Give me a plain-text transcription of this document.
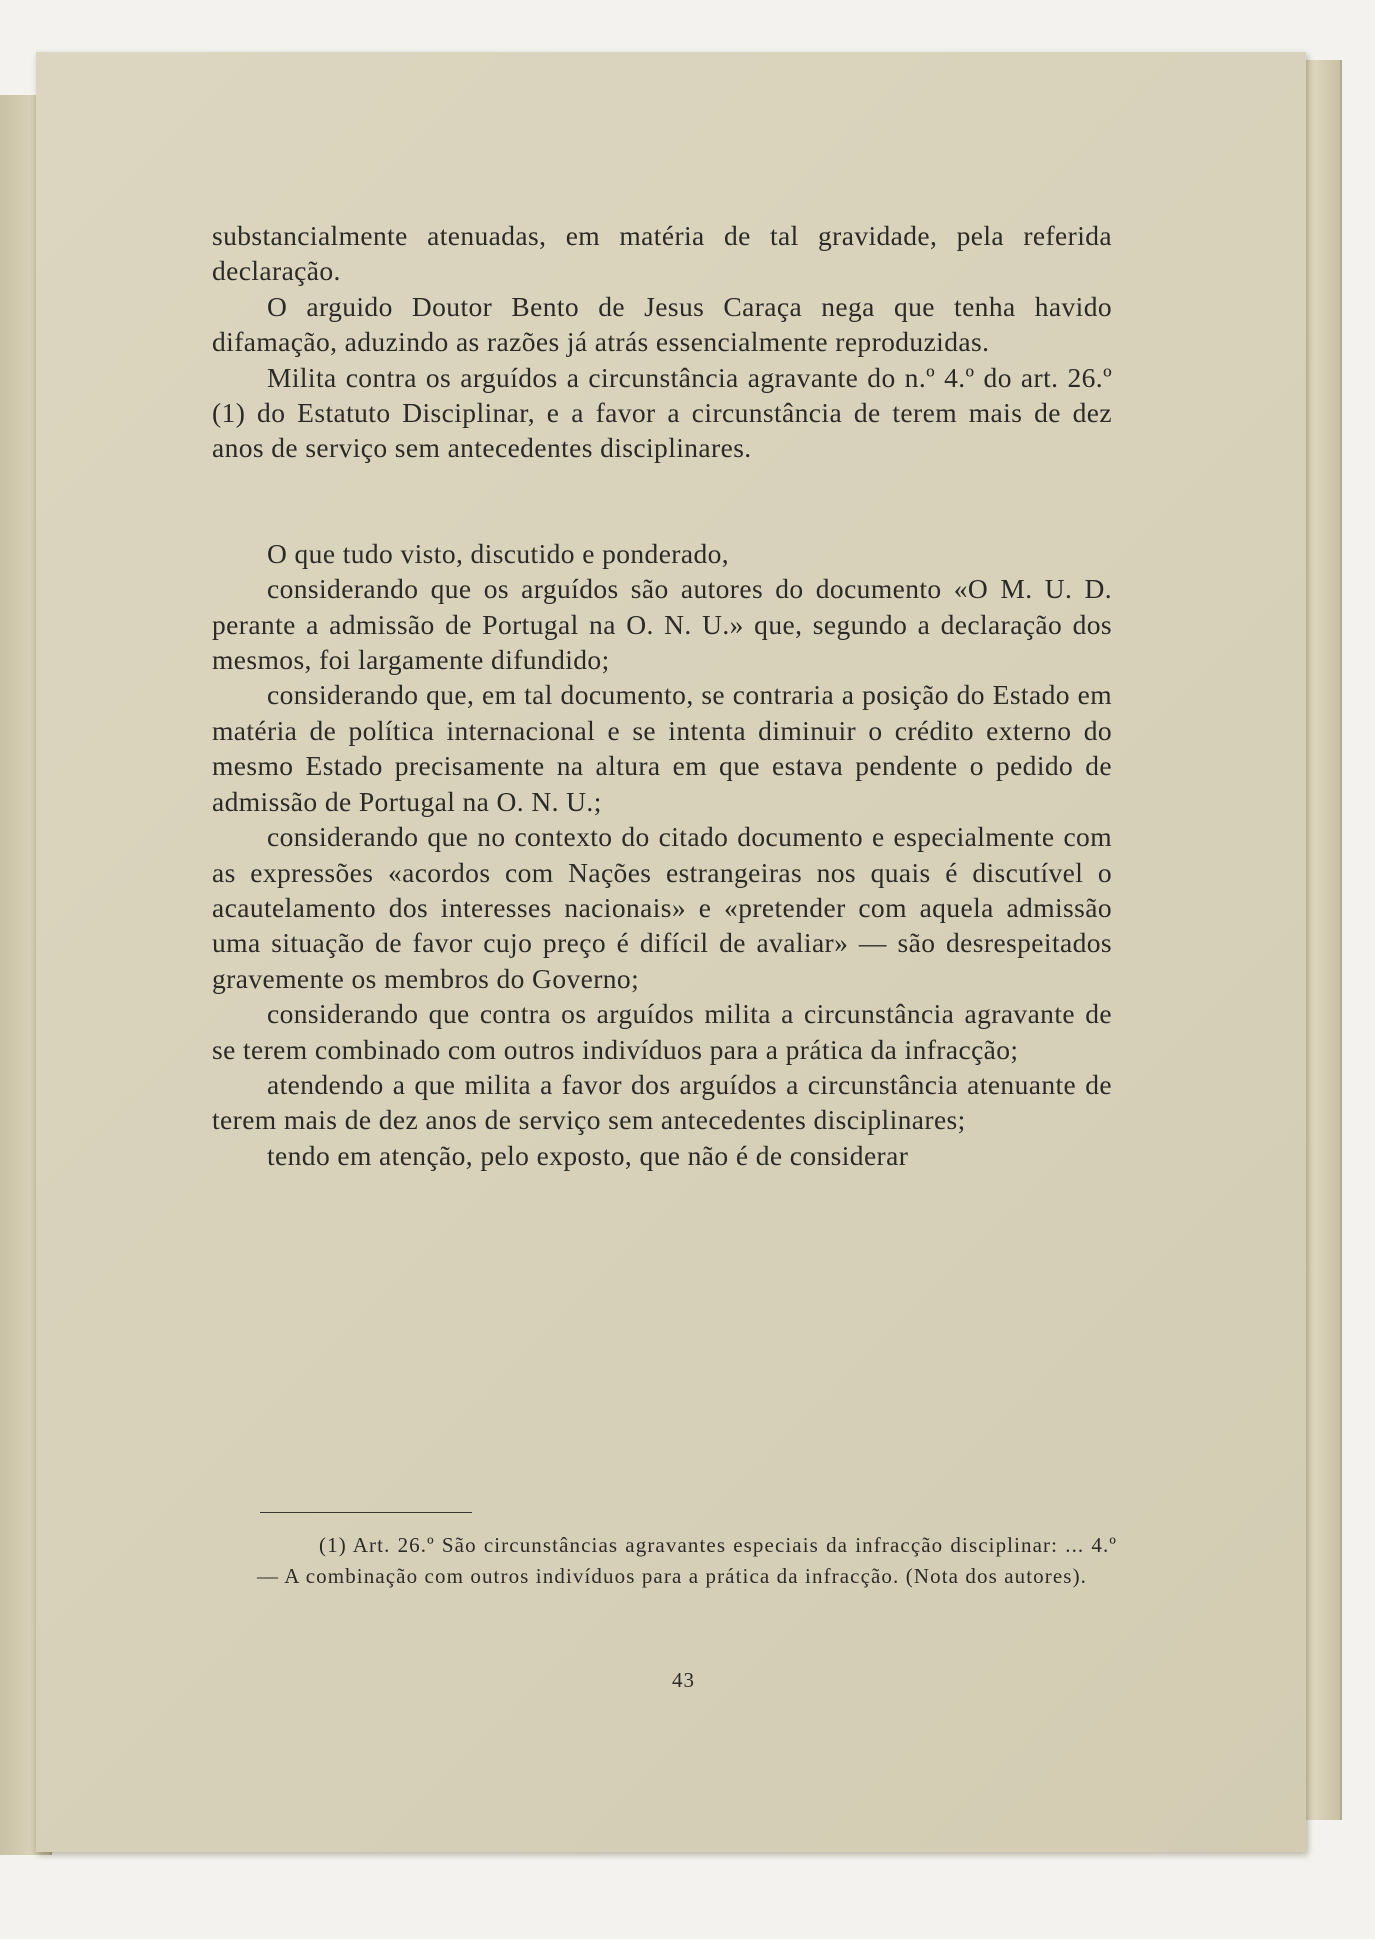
substancialmente atenuadas, em matéria de tal gravidade, pela referida declaração.

O arguido Doutor Bento de Jesus Caraça nega que tenha havido difamação, aduzindo as razões já atrás essencialmente reproduzidas.

Milita contra os arguídos a circunstância agravante do n.º 4.º do art. 26.º (1) do Estatuto Disciplinar, e a favor a circunstância de terem mais de dez anos de serviço sem antecedentes disciplinares.

O que tudo visto, discutido e ponderado,

considerando que os arguídos são autores do documento «O M. U. D. perante a admissão de Portugal na O. N. U.» que, segundo a declaração dos mesmos, foi largamente difundido;

considerando que, em tal documento, se contraria a posição do Estado em matéria de política internacional e se intenta diminuir o crédito externo do mesmo Estado precisamente na altura em que estava pendente o pedido de admissão de Portugal na O. N. U.;

considerando que no contexto do citado documento e especialmente com as expressões «acordos com Nações estrangeiras nos quais é discutível o acautelamento dos interesses nacionais» e «pretender com aquela admissão uma situação de favor cujo preço é difícil de avaliar» — são desrespeitados gravemente os membros do Governo;

considerando que contra os arguídos milita a circunstância agravante de se terem combinado com outros indivíduos para a prática da infracção;

atendendo a que milita a favor dos arguídos a circunstância atenuante de terem mais de dez anos de serviço sem antecedentes disciplinares;

tendo em atenção, pelo exposto, que não é de considerar

(1) Art. 26.º São circunstâncias agravantes especiais da infracção disciplinar: ... 4.º — A combinação com outros indivíduos para a prática da infracção. (Nota dos autores).

43
